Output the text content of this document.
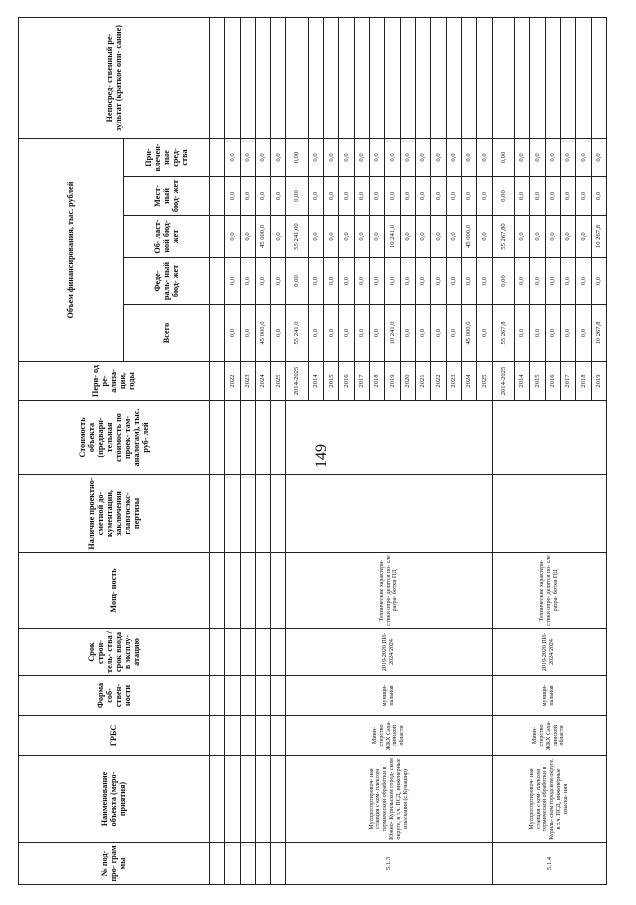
149
№ под- про- грам мы	Наименование объекта (меро- приятия)	ГРБС	Форма соб- ствен- ности	Срок строи- тель- ства / срок ввода в эксплу- атацию	Мощ- ность	Наличие проектно- сметной до- кументации, заключения главгосэкс- пертизы	Стоимость объекта (предвари- тельная стоимость по проек- там- аналогам), тыс. руб- лей	Пери- од ре- ализа- ции, годы	Объем финансирования, тыс. рублей					Непосред- ственный ре- зультат (краткое опи- сание)
									Всего	Феде- раль- ный бюд- жет	Об- ласт- ной бюд- жет	Мест- ный бюд- жет	При- влечен- ные сред- ства	

								2022	0,0	0,0	0,0	0,0	0,0	
								2023	0,0	0,0	0,0	0,0	0,0	
								2024	45 000,0	0,0	45 000,0	0,0	0,0	
								2025	0,0	0,0	0,0	0,0	0,0	
5.1.3	Мусоросортировоч- ная станция с ком- плексом термической обработки в Южно- Курильском город- ском округе, в т.ч. ПСД, инженерные изыскания (с.Кунашир)	Мини- стерство ЖКХ Саха- линской области	муници- пальная	2019-2020 ПИ- 2024/2024	Технические характери- стики опре- делятся по- сле разра- ботки ПД			2014-2025	55 241,0	0,00	55 241,00	0,00	0,00	
								2014	0,0	0,0	0,0	0,0	0,0	
								2015	0,0	0,0	0,0	0,0	0,0	
								2016	0,0	0,0	0,0	0,0	0,0	
								2017	0,0	0,0	0,0	0,0	0,0	
								2018	0,0	0,0	0,0	0,0	0,0	
								2019	10 241,0	0,0	10 241,0	0,0	0,0	
								2020	0,0	0,0	0,0	0,0	0,0	
								2021	0,0	0,0	0,0	0,0	0,0	
								2022	0,0	0,0	0,0	0,0	0,0	
								2023	0,0	0,0	0,0	0,0	0,0	
								2024	45 000,0	0,0	45 000,0	0,0	0,0	
								2025	0,0	0,0	0,0	0,0	0,0	
5.1.4	Мусоросортировоч- ная станция с ком- плексом термической обработки в Куриль- ском городском округе, в т.ч. ПСД, инженерные изыска- ния	Мини- стерство ЖКХ Саха- линской области	муници- пальная	2019-2020 ПИ- 2024/2024	Технические характери- стики опре- делятся по- сле разра- ботки ПД			2014-2025	55 267,8	0,00	55 267,80	0,00	0,00	
								2014	0,0	0,0	0,0	0,0	0,0	
								2015	0,0	0,0	0,0	0,0	0,0	
								2016	0,0	0,0	0,0	0,0	0,0	
								2017	0,0	0,0	0,0	0,0	0,0	
								2018	0,0	0,0	0,0	0,0	0,0	
								2019	10 267,8	0,0	10 267,8	0,0	0,0	
